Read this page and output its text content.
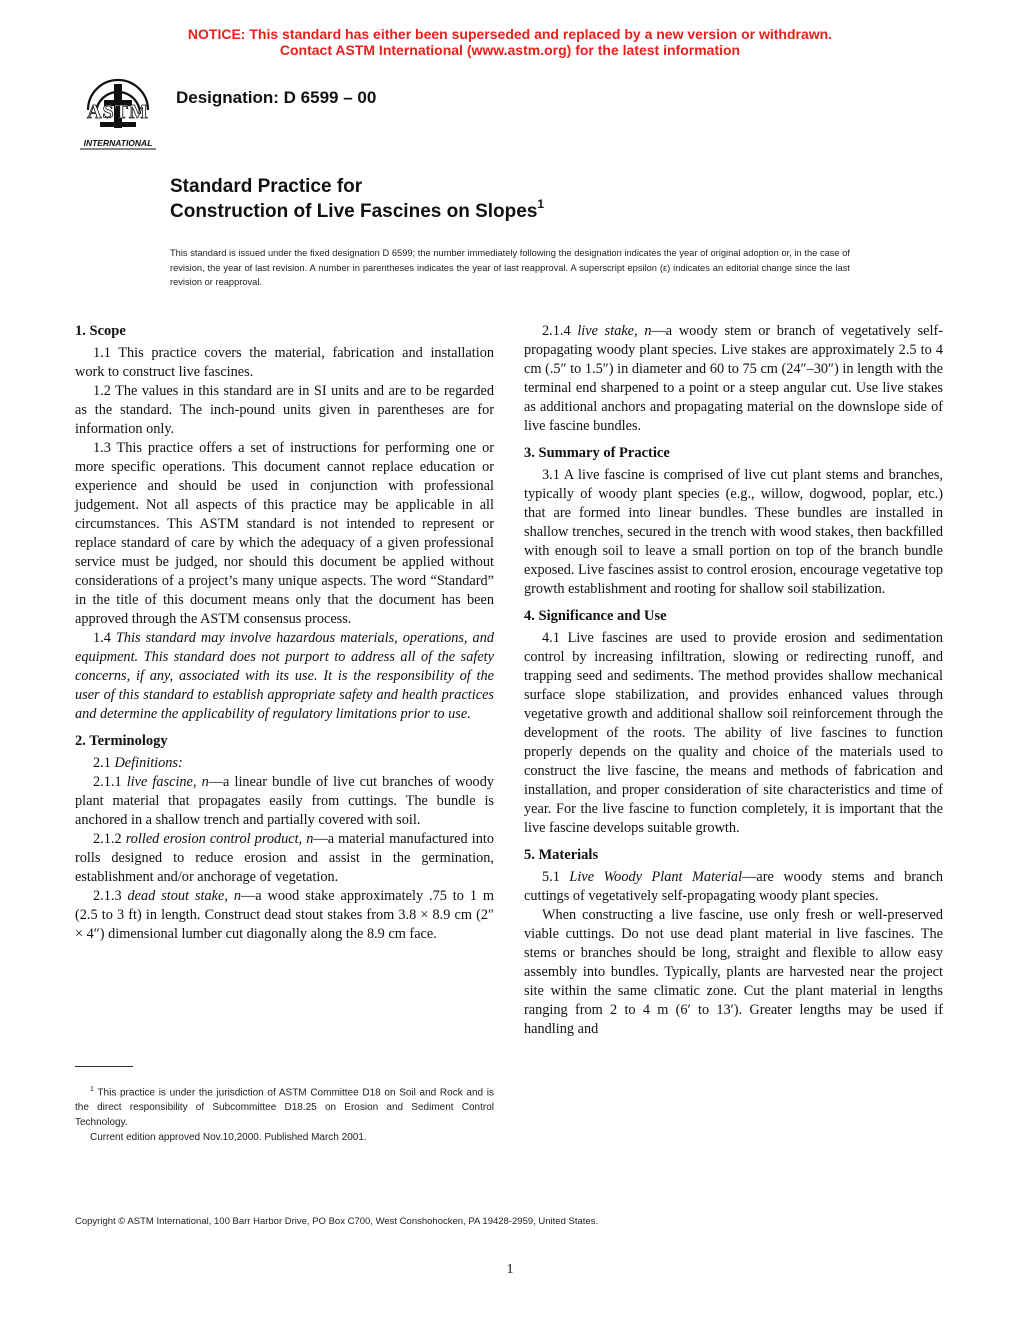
NOTICE: This standard has either been superseded and replaced by a new version or withdrawn.
Contact ASTM International (www.astm.org) for the latest information
ASTM
INTERNATIONAL
Designation: D 6599 – 00
Standard Practice for
Construction of Live Fascines on Slopes$^1$
This standard is issued under the fixed designation D 6599; the number immediately following the designation indicates the year of original adoption or, in the case of revision, the year of last revision. A number in parentheses indicates the year of last reapproval. A superscript epsilon (ε) indicates an editorial change since the last revision or reapproval.
1. Scope

1.1 This practice covers the material, fabrication and installation work to construct live fascines.

1.2 The values in this standard are in SI units and are to be regarded as the standard. The inch-pound units given in parentheses are for information only.

1.3 This practice offers a set of instructions for performing one or more specific operations. This document cannot replace education or experience and should be used in conjunction with professional judgement. Not all aspects of this practice may be applicable in all circumstances. This ASTM standard is not intended to represent or replace standard of care by which the adequacy of a given professional service must be judged, nor should this document be applied without considerations of a project’s many unique aspects. The word “Standard” in the title of this document means only that the document has been approved through the ASTM consensus process.

1.4 This standard may involve hazardous materials, operations, and equipment. This standard does not purport to address all of the safety concerns, if any, associated with its use. It is the responsibility of the user of this standard to establish appropriate safety and health practices and determine the applicability of regulatory limitations prior to use.

2. Terminology

2.1 Definitions:

2.1.1 live fascine, n—a linear bundle of live cut branches of woody plant material that propagates easily from cuttings. The bundle is anchored in a shallow trench and partially covered with soil.

2.1.2 rolled erosion control product, n—a material manufactured into rolls designed to reduce erosion and assist in the germination, establishment and/or anchorage of vegetation.

2.1.3 dead stout stake, n—a wood stake approximately .75 to 1 m (2.5 to 3 ft) in length. Construct dead stout stakes from 3.8 × 8.9 cm (2″ × 4″) dimensional lumber cut diagonally along the 8.9 cm face.

2.1.4 live stake, n—a woody stem or branch of vegetatively self-propagating woody plant species. Live stakes are approximately 2.5 to 4 cm (.5″ to 1.5″) in diameter and 60 to 75 cm (24″–30″) in length with the terminal end sharpened to a point or a steep angular cut. Use live stakes as additional anchors and propagating material on the downslope side of live fascine bundles.

3. Summary of Practice

3.1 A live fascine is comprised of live cut plant stems and branches, typically of woody plant species (e.g., willow, dogwood, poplar, etc.) that are formed into linear bundles. These bundles are installed in shallow trenches, secured in the trench with wood stakes, then backfilled with enough soil to leave a small portion on top of the branch bundle exposed. Live fascines assist to control erosion, encourage vegetative top growth establishment and rooting for shallow soil stabilization.

4. Significance and Use

4.1 Live fascines are used to provide erosion and sedimentation control by increasing infiltration, slowing or redirecting runoff, and trapping seed and sediments. The method provides shallow mechanical surface slope stabilization, and provides enhanced values through vegetative growth and additional shallow soil reinforcement through the development of the roots. The ability of live fascines to function properly depends on the quality and choice of the materials used to construct the live fascine, the means and methods of fabrication and installation, and proper consideration of site characteristics and time of year. For the live fascine to function completely, it is important that the live fascine develops suitable growth.

5. Materials

5.1 Live Woody Plant Material—are woody stems and branch cuttings of vegetatively self-propagating woody plant species.

When constructing a live fascine, use only fresh or well-preserved viable cuttings. Do not use dead plant material in live fascines. The stems or branches should be long, straight and flexible to allow easy assembly into bundles. Typically, plants are harvested near the project site within the same climatic zone. Cut the plant material in lengths ranging from 2 to 4 m (6′ to 13′). Greater lengths may be used if handling and

$^1$ This practice is under the jurisdiction of ASTM Committee D18 on Soil and Rock and is the direct responsibility of Subcommittee D18.25 on Erosion and Sediment Control Technology.

Current edition approved Nov.10,2000. Published March 2001.

Copyright © ASTM International, 100 Barr Harbor Drive, PO Box C700, West Conshohocken, PA 19428-2959, United States.
1
